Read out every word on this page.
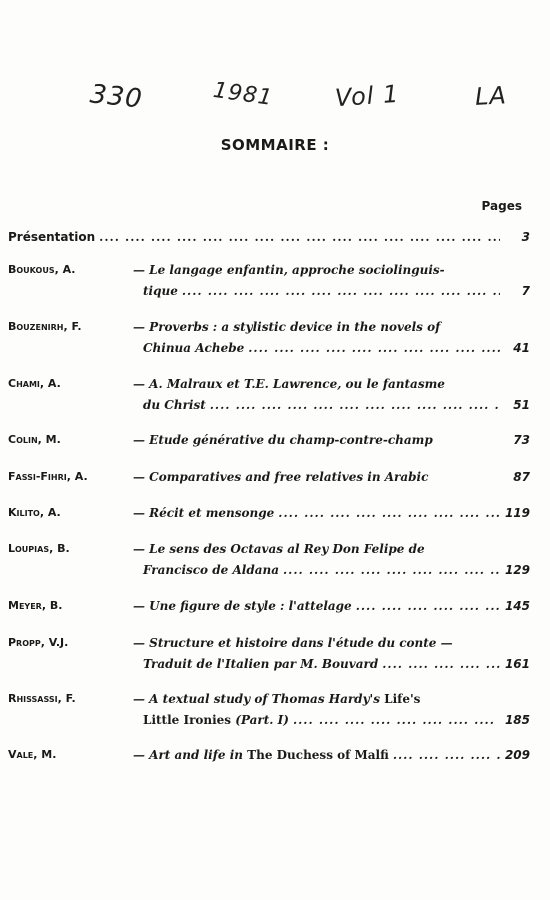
330	1981 Vol 1	LA
SOMMAIRE :
Pages
Présentation ....	3
Boukous, A.	— Le langage enfantin, approche sociolinguis-
tique ....	7
Bouzenirh, F.	— Proverbs : a stylistic device in the novels of
Chinua Achebe ....	41
Chami, A.	— A. Malraux et T.E. Lawrence, ou le fantasme
du Christ ....	51
Colin, M.	— Etude générative du champ-contre-champ	73
Fassi-Fihri, A.	— Comparatives and free relatives in Arabic	87
Kilito, A.	— Récit et mensonge ....	119
Loupias, B.	— Le sens des Octavas al Rey Don Felipe de
Francisco de Aldana ....	129
Meyer, B.	— Une figure de style : l'attelage ....	145
Propp, V.J.	— Structure et histoire dans l'étude du conte —
Traduit de l'Italien par M. Bouvard ....	161
Rhissassi, F.	— A textual study of Thomas Hardy's
Life's
Little Ironies
(Part. I) ....	185
Vale, M.	— Art and life in
The Duchess of Malfi ....	209
